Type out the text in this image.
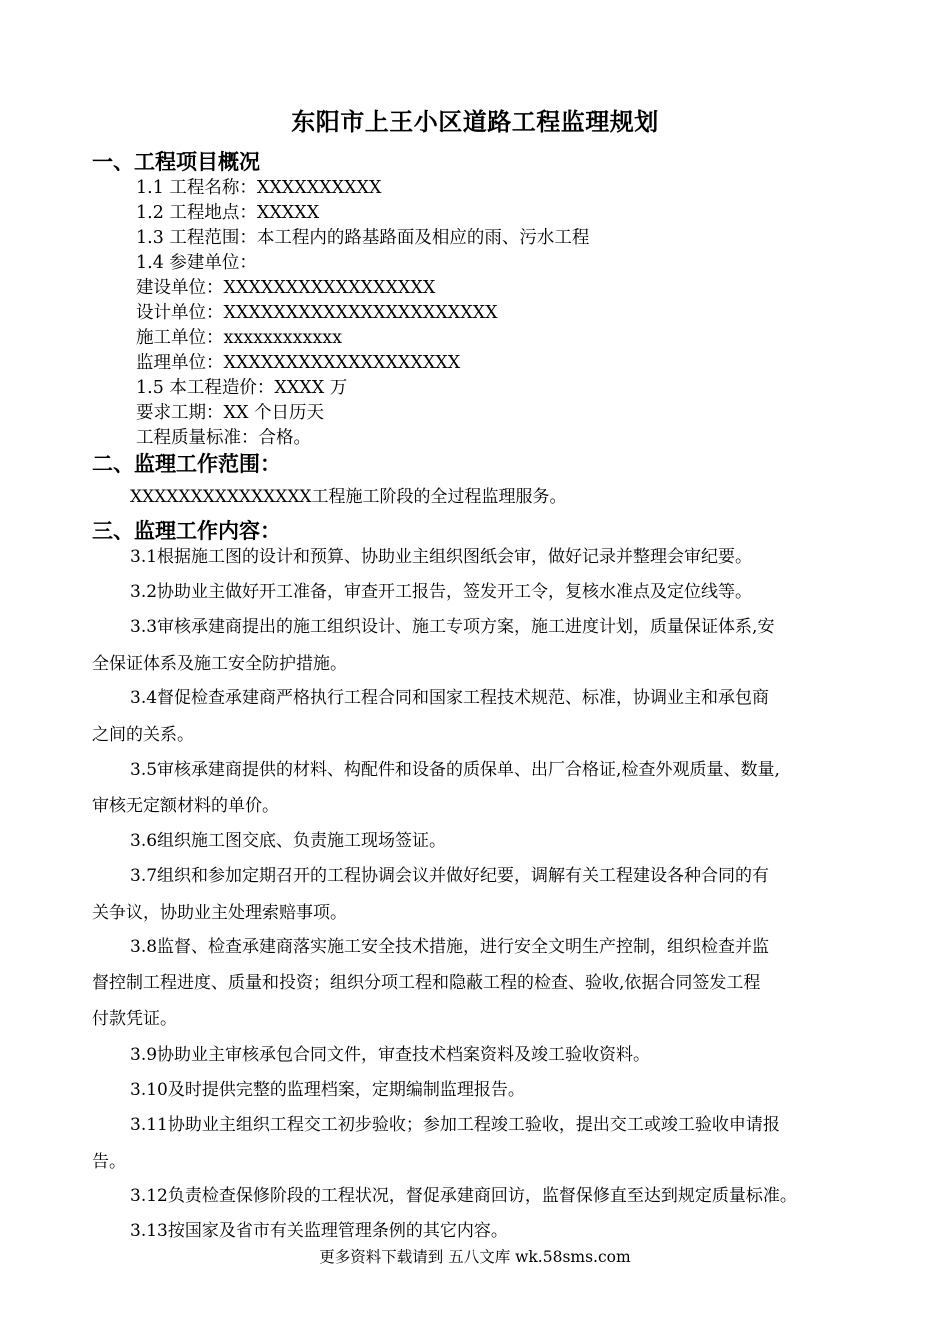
东阳市上王小区道路工程监理规划
一、工程项目概况
1.1 工程名称：XXXXXXXXXX
1.2 工程地点：XXXXX
1.3 工程范围：本工程内的路基路面及相应的雨、污水工程
1.4 参建单位：
建设单位：XXXXXXXXXXXXXXXXX
设计单位：XXXXXXXXXXXXXXXXXXXXXX
施工单位：xxxxxxxxxxxx
监理单位：XXXXXXXXXXXXXXXXXXX
1.5 本工程造价：XXXX 万
要求工期：XX 个日历天
工程质量标准：合格。
二、监理工作范围：
XXXXXXXXXXXXXXX工程施工阶段的全过程监理服务。
三、监理工作内容：
3.1根据施工图的设计和预算、协助业主组织图纸会审，做好记录并整理会审纪要。
3.2协助业主做好开工准备，审查开工报告，签发开工令，复核水准点及定位线等。
3.3审核承建商提出的施工组织设计、施工专项方案，施工进度计划，质量保证体系,安
全保证体系及施工安全防护措施。
3.4督促检查承建商严格执行工程合同和国家工程技术规范、标准，协调业主和承包商
之间的关系。
3.5审核承建商提供的材料、构配件和设备的质保单、出厂合格证,检查外观质量、数量,
审核无定额材料的单价。
3.6组织施工图交底、负责施工现场签证。
3.7组织和参加定期召开的工程协调会议并做好纪要，调解有关工程建设各种合同的有
关争议，协助业主处理索赔事项。
3.8监督、检查承建商落实施工安全技术措施，进行安全文明生产控制，组织检查并监
督控制工程进度、质量和投资；组织分项工程和隐蔽工程的检查、验收,依据合同签发工程
付款凭证。
3.9协助业主审核承包合同文件，审查技术档案资料及竣工验收资料。
3.10及时提供完整的监理档案，定期编制监理报告。
3.11协助业主组织工程交工初步验收；参加工程竣工验收，提出交工或竣工验收申请报
告。
3.12负责检查保修阶段的工程状况，督促承建商回访，监督保修直至达到规定质量标准。
3.13按国家及省市有关监理管理条例的其它内容。
更多资料下载请到 五八文库 wk.58sms.com
